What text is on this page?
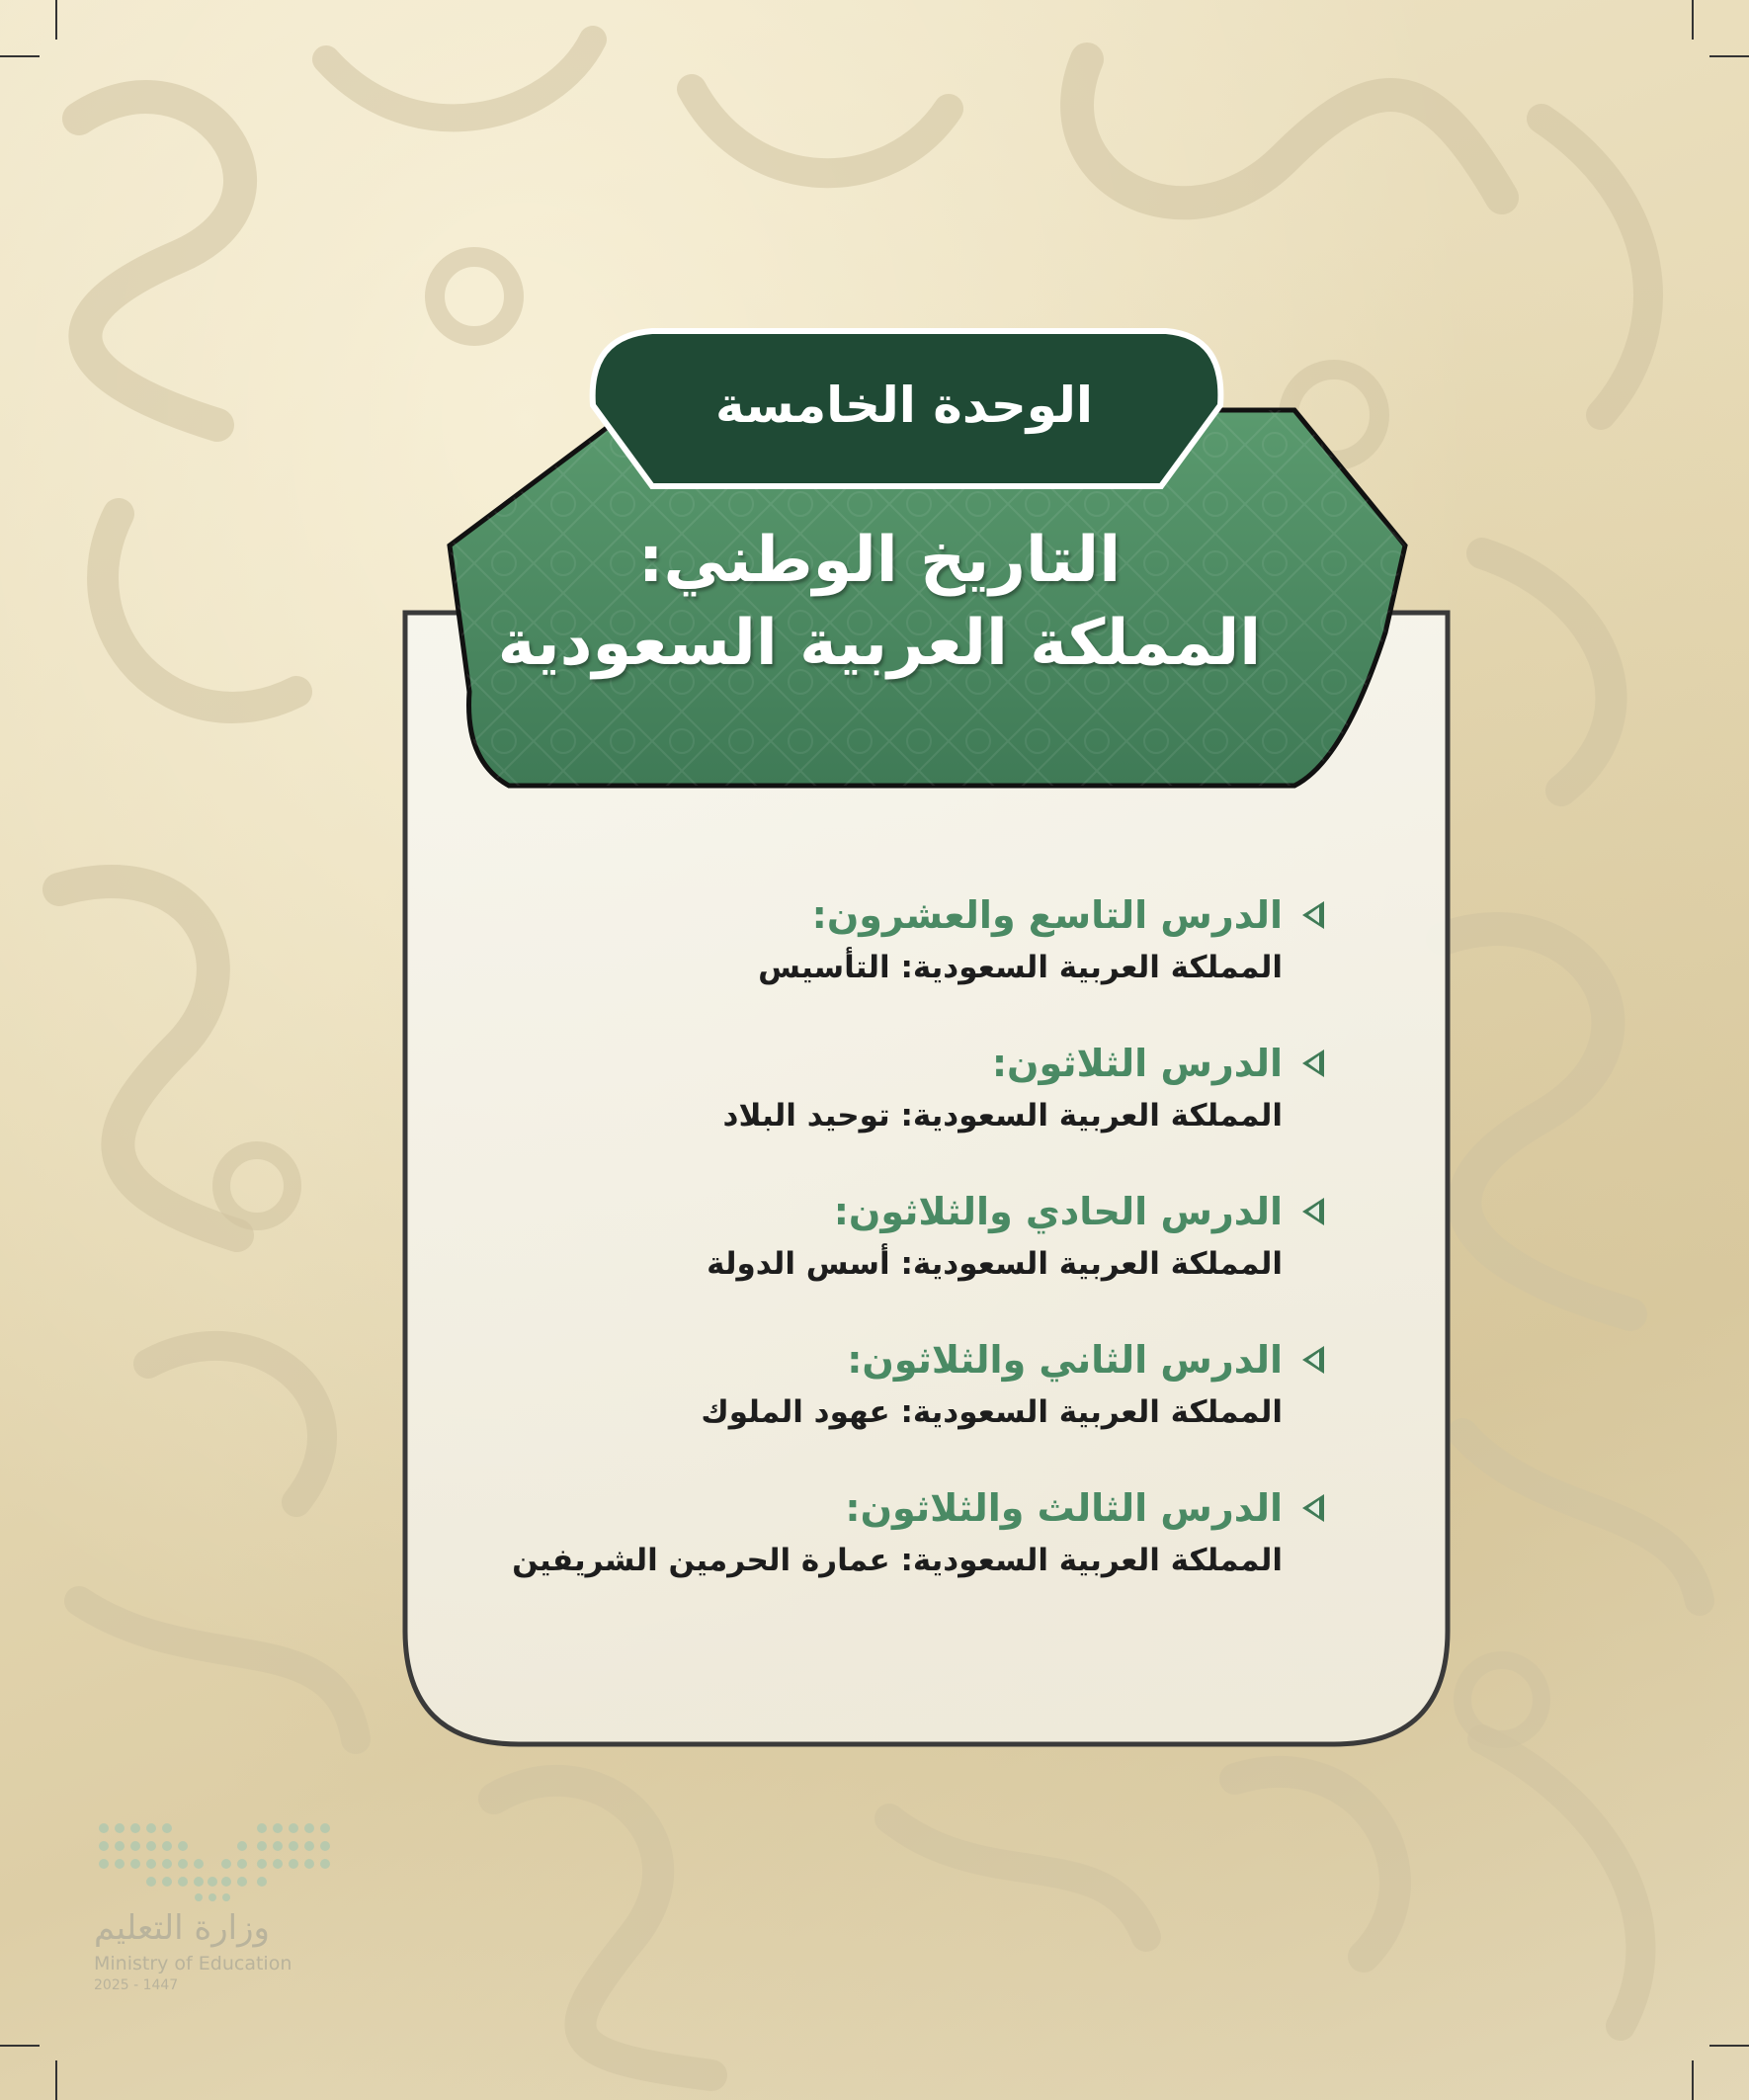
الوحدة الخامسة
التاريخ الوطني:
المملكة العربية السعودية
الدرس التاسع والعشرون:
المملكة العربية السعودية: التأسيس
الدرس الثلاثون:
المملكة العربية السعودية: توحيد البلاد
الدرس الحادي والثلاثون:
المملكة العربية السعودية: أسس الدولة
الدرس الثاني والثلاثون:
المملكة العربية السعودية: عهود الملوك
الدرس الثالث والثلاثون:
المملكة العربية السعودية: عمارة الحرمين الشريفين
وزارة التعليم
Ministry of Education
2025 - 1447
